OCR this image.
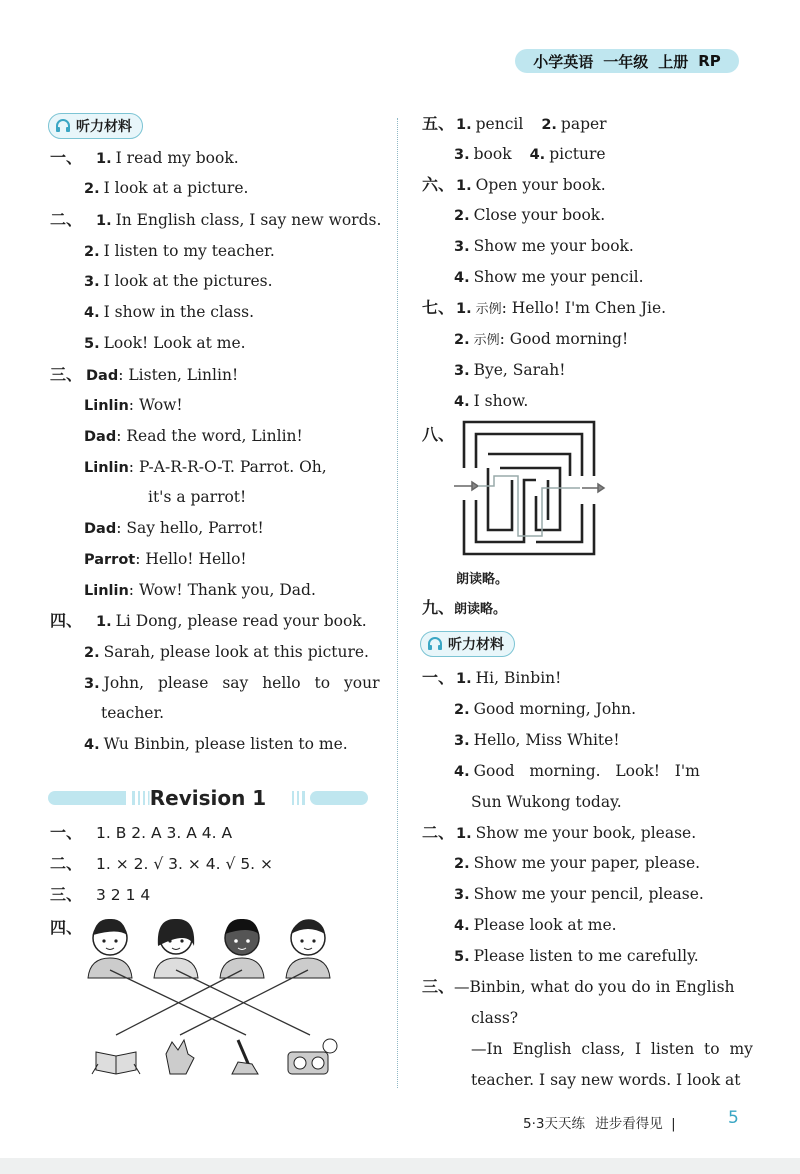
小学英语 一年级 上册 RP
听力材料
一、 1. I read my book.
2. I look at a picture.
二、 1. In English class, I say new words.
2. I listen to my teacher.
3. I look at the pictures.
4. I show in the class.
5. Look! Look at me.
三、 Dad: Listen, Linlin!
Linlin: Wow!
Dad: Read the word, Linlin!
Linlin: P-A-R-R-O-T. Parrot. Oh,
it's a parrot!
Dad: Say hello, Parrot!
Parrot: Hello! Hello!
Linlin: Wow! Thank you, Dad.
四、 1. Li Dong, please read your book.
2. Sarah, please look at this picture.
3. John, please say hello to your
teacher.
4. Wu Binbin, please listen to me.
Revision 1
一、 1. B 2. A 3. A 4. A
二、 1. × 2. √ 3. × 4. √ 5. ×
三、 3 2 1 4
四、
五、 1. pencil 2. paper
3. book 4. picture
六、 1. Open your book.
2. Close your book.
3. Show me your book.
4. Show me your pencil.
七、 1. 示例: Hello! I'm Chen Jie.
2. 示例: Good morning!
3. Bye, Sarah!
4. I show.
八、
朗读略。
九、朗读略。
听力材料
一、 1. Hi, Binbin!
2. Good morning, John.
3. Hello, Miss White!
4. Good   morning.   Look!   I'm
Sun Wukong today.
二、 1. Show me your book, please.
2. Show me your paper, please.
3. Show me your pencil, please.
4. Please look at me.
5. Please listen to me carefully.
三、—Binbin, what do you do in English
class?
—In  English  class,  I  listen  to  my
teacher. I say new words. I look at
5·3天天练 进步看得见 |	5
